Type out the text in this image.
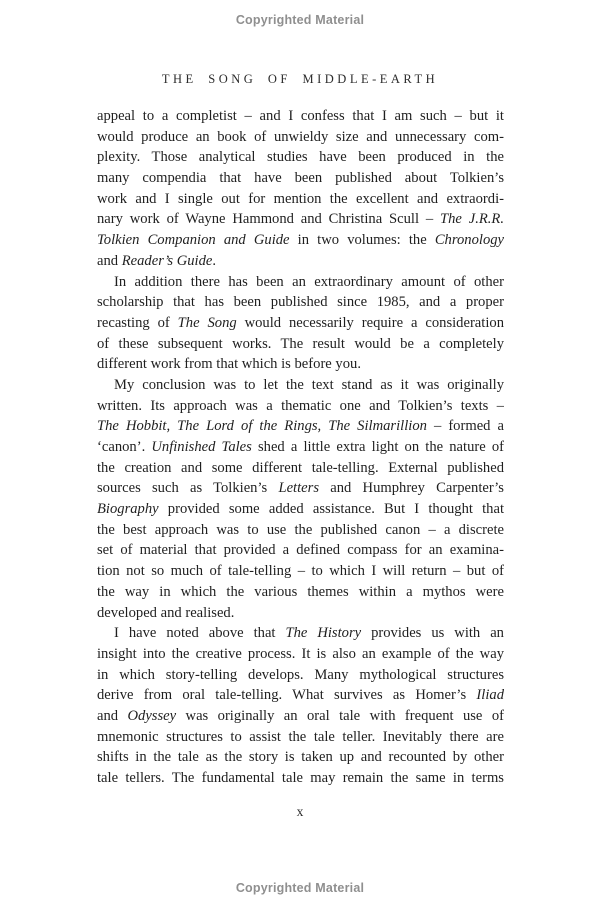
Copyrighted Material
THE SONG OF MIDDLE-EARTH
appeal to a completist – and I confess that I am such – but it
would produce an book of unwieldy size and unnecessary com-
plexity. Those analytical studies have been produced in the
many compendia that have been published about Tolkien’s
work and I single out for mention the excellent and extraordi-
nary work of Wayne Hammond and Christina Scull – The J.R.R.
Tolkien Companion and Guide in two volumes: the Chronology
and Reader’s Guide.
In addition there has been an extraordinary amount of other
scholarship that has been published since 1985, and a proper
recasting of The Song would necessarily require a consideration
of these subsequent works. The result would be a completely
different work from that which is before you.
My conclusion was to let the text stand as it was originally
written. Its approach was a thematic one and Tolkien’s texts –
The Hobbit, The Lord of the Rings, The Silmarillion – formed a
‘canon’. Unfinished Tales shed a little extra light on the nature of
the creation and some different tale-telling. External published
sources such as Tolkien’s Letters and Humphrey Carpenter’s
Biography provided some added assistance. But I thought that
the best approach was to use the published canon – a discrete
set of material that provided a defined compass for an examina-
tion not so much of tale-telling – to which I will return – but of
the way in which the various themes within a mythos were
developed and realised.
I have noted above that The History provides us with an
insight into the creative process. It is also an example of the way
in which story-telling develops. Many mythological structures
derive from oral tale-telling. What survives as Homer’s Iliad
and Odyssey was originally an oral tale with frequent use of
mnemonic structures to assist the tale teller. Inevitably there are
shifts in the tale as the story is taken up and recounted by other
tale tellers. The fundamental tale may remain the same in terms
x
Copyrighted Material
